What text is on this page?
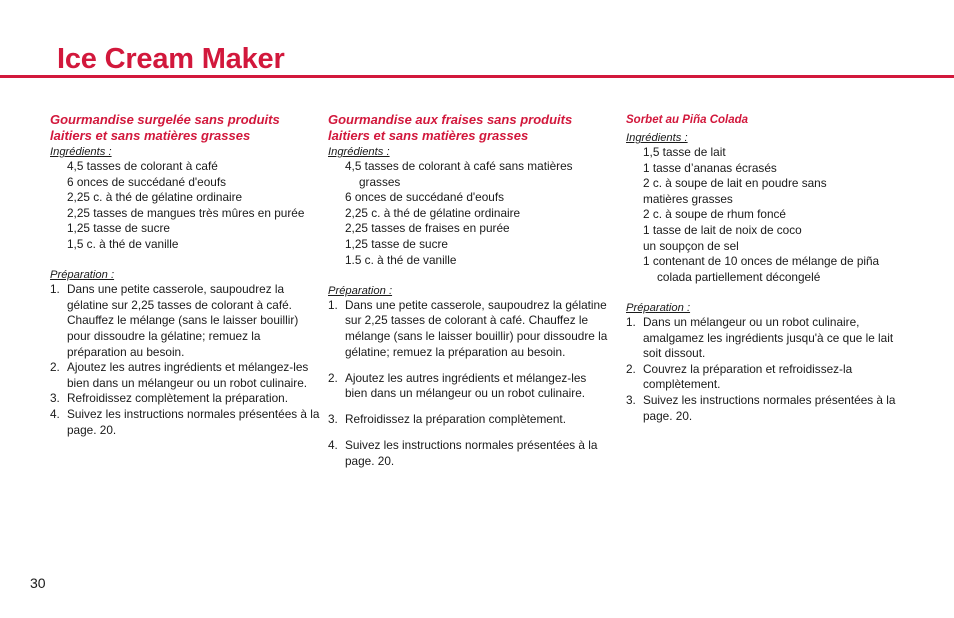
Ice Cream Maker
Gourmandise surgelée sans produits laitiers et sans matières grasses
Ingrédients :
4,5 tasses de colorant à café
6 onces de succédané d'eoufs
2,25 c. à thé de gélatine ordinaire
2,25 tasses de mangues très mûres en purée
1,25 tasse de sucre
1,5 c. à thé de vanille
Préparation :
1. Dans une petite casserole, saupoudrez la gélatine sur 2,25 tasses de colorant à café. Chauffez le mélange (sans le laisser bouillir) pour dissoudre la gélatine; remuez la préparation au besoin.
2. Ajoutez les autres ingrédients et mélangez-les bien dans un mélangeur ou un robot culinaire.
3. Refroidissez complètement la préparation.
4. Suivez les instructions normales présentées à la page. 20.
Gourmandise aux fraises sans produits laitiers et sans matières grasses
Ingrédients :
4,5 tasses de colorant à café sans matières grasses
6 onces de succédané d'eoufs
2,25 c. à thé de gélatine ordinaire
2,25 tasses de fraises en purée
1,25 tasse de sucre
1.5 c. à thé de vanille
Préparation :
1. Dans une petite casserole, saupoudrez la gélatine sur 2,25 tasses de colorant à café. Chauffez le mélange (sans le laisser bouillir) pour dissoudre la gélatine; remuez la préparation au besoin.
2. Ajoutez les autres ingrédients et mélangez-les bien dans un mélangeur ou un robot culinaire.
3. Refroidissez la préparation complètement.
4. Suivez les instructions normales présentées à la page. 20.
Sorbet au Piña Colada
Ingrédients :
1,5 tasse de lait
1 tasse d’ananas écrasés
2 c. à soupe de lait en poudre sans
matières grasses
2 c. à soupe de rhum foncé
1 tasse de lait de noix de coco
un soupçon de sel
1 contenant de 10 onces de mélange de piña colada partiellement décongelé
Préparation :
1. Dans un mélangeur ou un robot culinaire, amalgamez les ingrédients jusqu'à ce que le lait soit dissout.
2. Couvrez la préparation et refroidissez-la complètement.
3. Suivez les instructions normales présentées à la page. 20.
30
